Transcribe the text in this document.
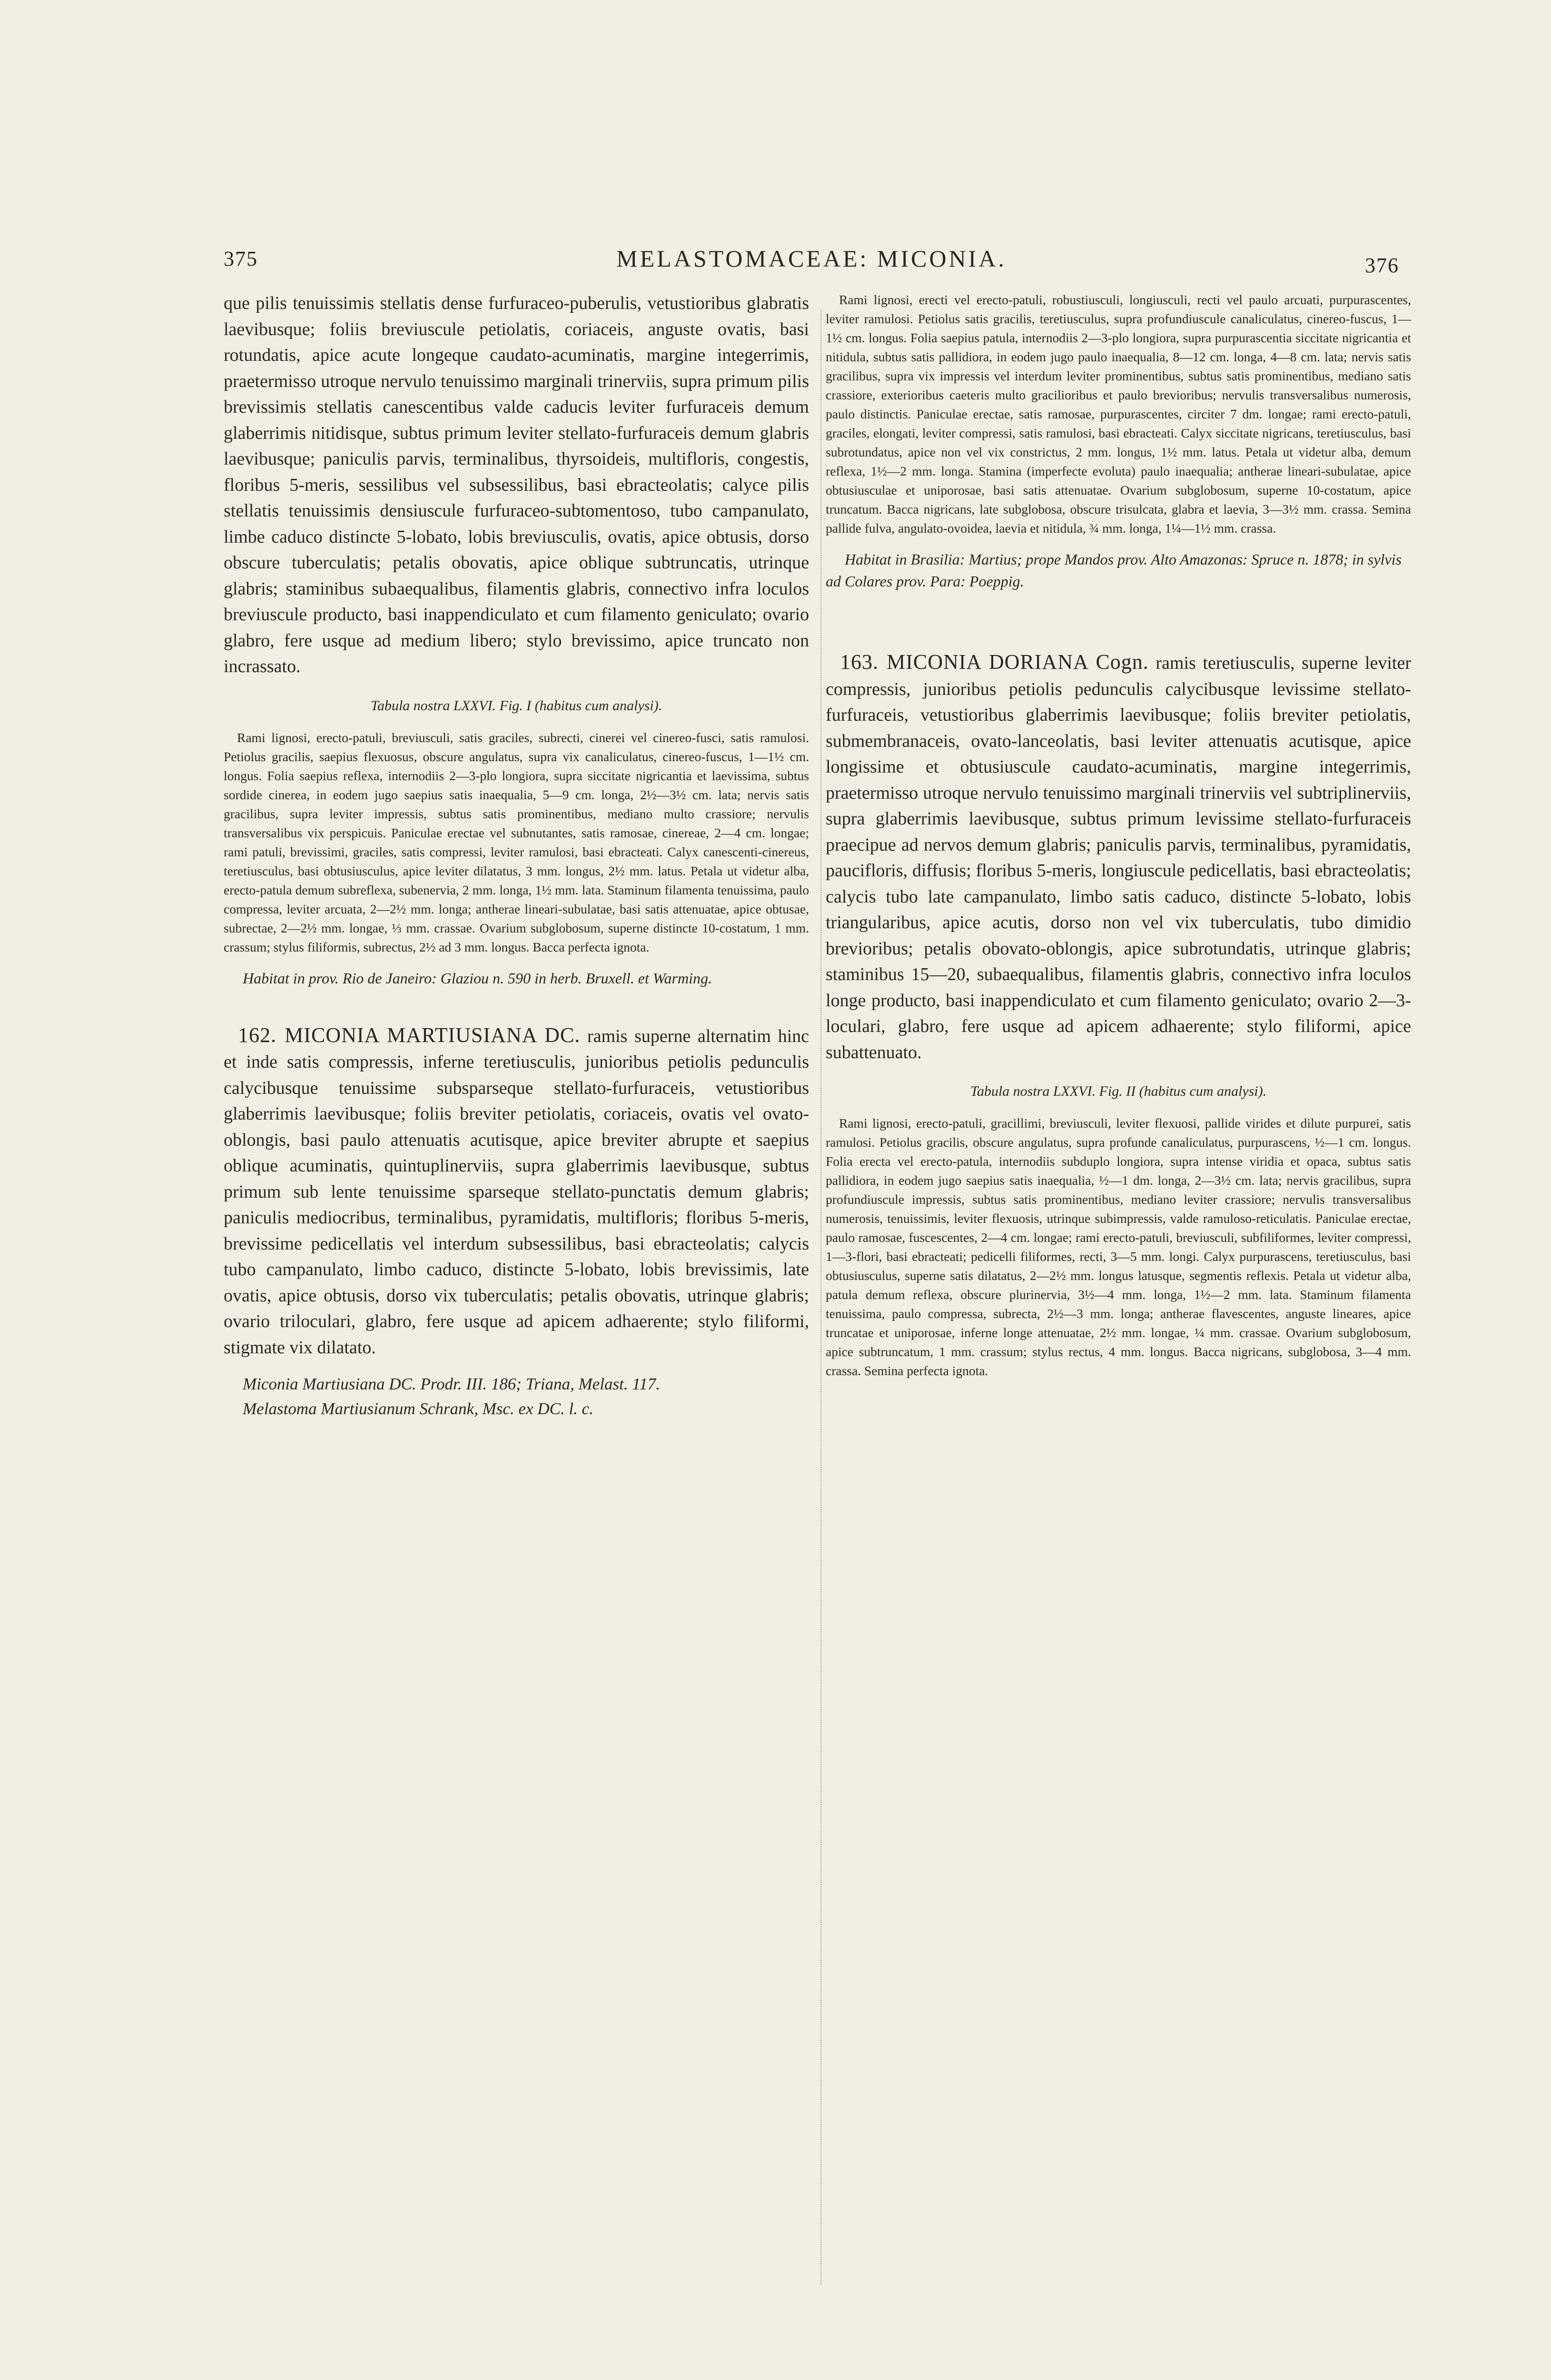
375	MELASTOMACEAE: MICONIA.	376

que pilis tenuissimis stellatis dense furfuraceo-puberulis, vetustioribus glabratis laevibusque; foliis breviuscule petiolatis, coriaceis, anguste ovatis, basi rotundatis, apice acute longeque caudato-acuminatis, margine integerrimis, praetermisso utroque nervulo tenuissimo marginali trinerviis, supra primum pilis brevissimis stellatis canescentibus valde caducis leviter furfuraceis demum glaberrimis nitidisque, subtus primum leviter stellato-furfuraceis demum glabris laevibusque; paniculis parvis, terminalibus, thyrsoideis, multifloris, congestis, floribus 5-meris, sessilibus vel subsessilibus, basi ebracteolatis; calyce pilis stellatis tenuissimis densiuscule furfuraceo-subtomentoso, tubo campanulato, limbe caduco distincte 5-lobato, lobis breviusculis, ovatis, apice obtusis, dorso obscure tuberculatis; petalis obovatis, apice oblique subtruncatis, utrinque glabris; staminibus subaequalibus, filamentis glabris, connectivo infra loculos breviuscule producto, basi inappendiculato et cum filamento geniculato; ovario glabro, fere usque ad medium libero; stylo brevissimo, apice truncato non incrassato.

Tabula nostra LXXVI. Fig. I (habitus cum analysi).

Rami lignosi, erecto-patuli, breviusculi, satis graciles, subrecti, cinerei vel cinereo-fusci, satis ramulosi. Petiolus gracilis, saepius flexuosus, obscure angulatus, supra vix canaliculatus, cinereo-fuscus, 1—1½ cm. longus. Folia saepius reflexa, internodiis 2—3-plo longiora, supra siccitate nigricantia et laevissima, subtus sordide cinerea, in eodem jugo saepius satis inaequalia, 5—9 cm. longa, 2½—3½ cm. lata; nervis satis gracilibus, supra leviter impressis, subtus satis prominentibus, mediano multo crassiore; nervulis transversalibus vix perspicuis. Paniculae erectae vel subnutantes, satis ramosae, cinereae, 2—4 cm. longae; rami patuli, brevissimi, graciles, satis compressi, leviter ramulosi, basi ebracteati. Calyx canescenti-cinereus, teretiusculus, basi obtusiusculus, apice leviter dilatatus, 3 mm. longus, 2½ mm. latus. Petala ut videtur alba, erecto-patula demum subreflexa, subenervia, 2 mm. longa, 1½ mm. lata. Staminum filamenta tenuissima, paulo compressa, leviter arcuata, 2—2½ mm. longa; antherae lineari-subulatae, basi satis attenuatae, apice obtusae, subrectae, 2—2½ mm. longae, ⅓ mm. crassae. Ovarium subglobosum, superne distincte 10-costatum, 1 mm. crassum; stylus filiformis, subrectus, 2½ ad 3 mm. longus. Bacca perfecta ignota.

Habitat in prov. Rio de Janeiro: Glaziou n. 590 in herb. Bruxell. et Warming.

162. MICONIA MARTIUSIANA DC. ramis superne alternatim hinc et inde satis compressis, inferne teretiusculis, junioribus petiolis pedunculis calycibusque tenuissime subsparseque stellato-furfuraceis, vetustioribus glaberrimis laevibusque; foliis breviter petiolatis, coriaceis, ovatis vel ovato-oblongis, basi paulo attenuatis acutisque, apice breviter abrupte et saepius oblique acuminatis, quintuplinerviis, supra glaberrimis laevibusque, subtus primum sub lente tenuissime sparseque stellato-punctatis demum glabris; paniculis mediocribus, terminalibus, pyramidatis, multifloris; floribus 5-meris, brevissime pedicellatis vel interdum subsessilibus, basi ebracteolatis; calycis tubo campanulato, limbo caduco, distincte 5-lobato, lobis brevissimis, late ovatis, apice obtusis, dorso vix tuberculatis; petalis obovatis, utrinque glabris; ovario triloculari, glabro, fere usque ad apicem adhaerente; stylo filiformi, stigmate vix dilatato.

Miconia Martiusiana DC. Prodr. III. 186; Triana, Melast. 117.

Melastoma Martiusianum Schrank, Msc. ex DC. l. c.

Rami lignosi, erecti vel erecto-patuli, robustiusculi, longiusculi, recti vel paulo arcuati, purpurascentes, leviter ramulosi. Petiolus satis gracilis, teretiusculus, supra profundiuscule canaliculatus, cinereo-fuscus, 1—1½ cm. longus. Folia saepius patula, internodiis 2—3-plo longiora, supra purpurascentia siccitate nigricantia et nitidula, subtus satis pallidiora, in eodem jugo paulo inaequalia, 8—12 cm. longa, 4—8 cm. lata; nervis satis gracilibus, supra vix impressis vel interdum leviter prominentibus, subtus satis prominentibus, mediano satis crassiore, exterioribus caeteris multo gracilioribus et paulo brevioribus; nervulis transversalibus numerosis, paulo distinctis. Paniculae erectae, satis ramosae, purpurascentes, circiter 7 dm. longae; rami erecto-patuli, graciles, elongati, leviter compressi, satis ramulosi, basi ebracteati. Calyx siccitate nigricans, teretiusculus, basi subrotundatus, apice non vel vix constrictus, 2 mm. longus, 1½ mm. latus. Petala ut videtur alba, demum reflexa, 1½—2 mm. longa. Stamina (imperfecte evoluta) paulo inaequalia; antherae lineari-subulatae, apice obtusiusculae et uniporosae, basi satis attenuatae. Ovarium subglobosum, superne 10-costatum, apice truncatum. Bacca nigricans, late subglobosa, obscure trisulcata, glabra et laevia, 3—3½ mm. crassa. Semina pallide fulva, angulato-ovoidea, laevia et nitidula, ¾ mm. longa, 1¼—1½ mm. crassa.

Habitat in Brasilia: Martius; prope Mandos prov. Alto Amazonas: Spruce n. 1878; in sylvis ad Colares prov. Para: Poeppig.

163. MICONIA DORIANA Cogn. ramis teretiusculis, superne leviter compressis, junioribus petiolis pedunculis calycibusque levissime stellato-furfuraceis, vetustioribus glaberrimis laevibusque; foliis breviter petiolatis, submembranaceis, ovato-lanceolatis, basi leviter attenuatis acutisque, apice longissime et obtusiuscule caudato-acuminatis, margine integerrimis, praetermisso utroque nervulo tenuissimo marginali trinerviis vel subtriplinerviis, supra glaberrimis laevibusque, subtus primum levissime stellato-furfuraceis praecipue ad nervos demum glabris; paniculis parvis, terminalibus, pyramidatis, paucifloris, diffusis; floribus 5-meris, longiuscule pedicellatis, basi ebracteolatis; calycis tubo late campanulato, limbo satis caduco, distincte 5-lobato, lobis triangularibus, apice acutis, dorso non vel vix tuberculatis, tubo dimidio brevioribus; petalis obovato-oblongis, apice subrotundatis, utrinque glabris; staminibus 15—20, subaequalibus, filamentis glabris, connectivo infra loculos longe producto, basi inappendiculato et cum filamento geniculato; ovario 2—3-loculari, glabro, fere usque ad apicem adhaerente; stylo filiformi, apice subattenuato.

Tabula nostra LXXVI. Fig. II (habitus cum analysi).

Rami lignosi, erecto-patuli, gracillimi, breviusculi, leviter flexuosi, pallide virides et dilute purpurei, satis ramulosi. Petiolus gracilis, obscure angulatus, supra profunde canaliculatus, purpurascens, ½—1 cm. longus. Folia erecta vel erecto-patula, internodiis subduplo longiora, supra intense viridia et opaca, subtus satis pallidiora, in eodem jugo saepius satis inaequalia, ½—1 dm. longa, 2—3½ cm. lata; nervis gracilibus, supra profundiuscule impressis, subtus satis prominentibus, mediano leviter crassiore; nervulis transversalibus numerosis, tenuissimis, leviter flexuosis, utrinque subimpressis, valde ramuloso-reticulatis. Paniculae erectae, paulo ramosae, fuscescentes, 2—4 cm. longae; rami erecto-patuli, breviusculi, subfiliformes, leviter compressi, 1—3-flori, basi ebracteati; pedicelli filiformes, recti, 3—5 mm. longi. Calyx purpurascens, teretiusculus, basi obtusiusculus, superne satis dilatatus, 2—2½ mm. longus latusque, segmentis reflexis. Petala ut videtur alba, patula demum reflexa, obscure plurinervia, 3½—4 mm. longa, 1½—2 mm. lata. Staminum filamenta tenuissima, paulo compressa, subrecta, 2½—3 mm. longa; antherae flavescentes, anguste lineares, apice truncatae et uniporosae, inferne longe attenuatae, 2½ mm. longae, ¼ mm. crassae. Ovarium subglobosum, apice subtruncatum, 1 mm. crassum; stylus rectus, 4 mm. longus. Bacca nigricans, subglobosa, 3—4 mm. crassa. Semina perfecta ignota.
